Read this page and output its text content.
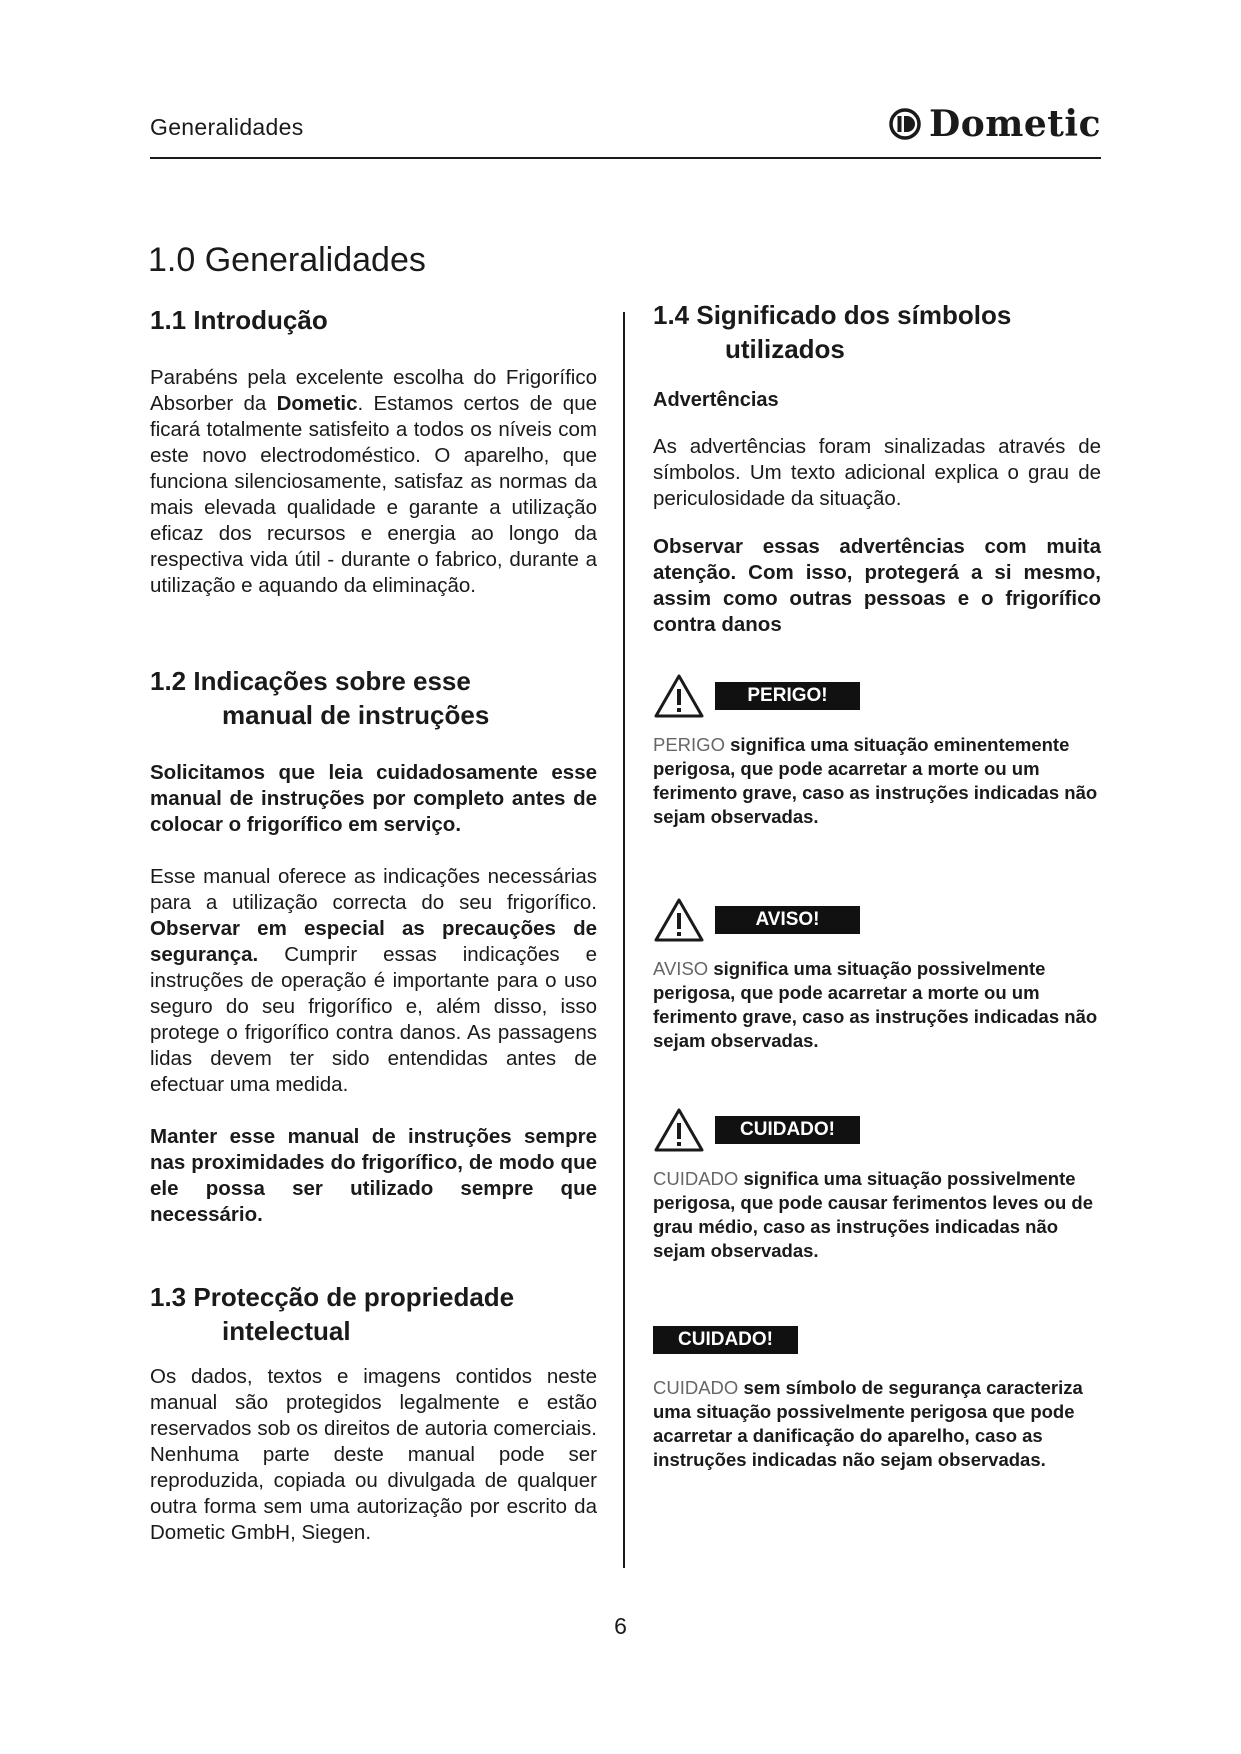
Generalidades	Dometic
1.0 Generalidades
1.1 Introdução
Parabéns pela excelente escolha do Frigorífico Absorber da Dometic. Estamos certos de que ficará totalmente satisfeito a todos os níveis com este novo electrodoméstico. O aparelho, que funciona silenciosamente, satisfaz as normas da mais elevada qualidade e garante a utilização eficaz dos recursos e energia ao longo da respectiva vida útil - durante o fabrico, durante a utilização e aquando da eliminação.
1.2 Indicações sobre esse
manual de instruções
Solicitamos que leia cuidadosamente esse manual de instruções por completo antes de colocar o frigorífico em serviço.
Esse manual oferece as indicações necessárias para a utilização correcta do seu frigorífico. Observar em especial as precauções de segurança. Cumprir essas indicações e instruções de operação é importante para o uso seguro do seu frigorífico e, além disso, isso protege o frigorífico contra danos. As passagens lidas devem ter sido entendidas antes de efectuar uma medida.
Manter esse manual de instruções sempre nas proximidades do frigorífico, de modo que ele possa ser utilizado sempre que necessário.
1.3 Protecção de propriedade
intelectual
Os dados, textos e imagens contidos neste manual são protegidos legalmente e estão reservados sob os direitos de autoria comerciais. Nenhuma parte deste manual pode ser reproduzida, copiada ou divulgada de qualquer outra forma sem uma autorização por escrito da Dometic GmbH, Siegen.
1.4 Significado dos símbolos
utilizados
Advertências
As advertências foram sinalizadas através de símbolos. Um texto adicional explica o grau de periculosidade da situação.
Observar essas advertências com muita atenção. Com isso, protegerá a si mesmo, assim como outras pessoas e o frigorífico contra danos
PERIGO!
PERIGO significa uma situação eminentemente perigosa, que pode acarretar a morte ou um ferimento grave, caso as instruções indicadas não sejam observadas.
AVISO!
AVISO significa uma situação possivelmente perigosa, que pode acarretar a morte ou um ferimento grave, caso as instruções indicadas não sejam observadas.
CUIDADO!
CUIDADO significa uma situação possivelmente perigosa, que pode causar ferimentos leves ou de grau médio, caso as instruções indicadas não sejam observadas.
CUIDADO!
CUIDADO sem símbolo de segurança caracteriza uma situação possivelmente perigosa que pode acarretar a danificação do aparelho, caso as instruções indicadas não sejam observadas.
6
